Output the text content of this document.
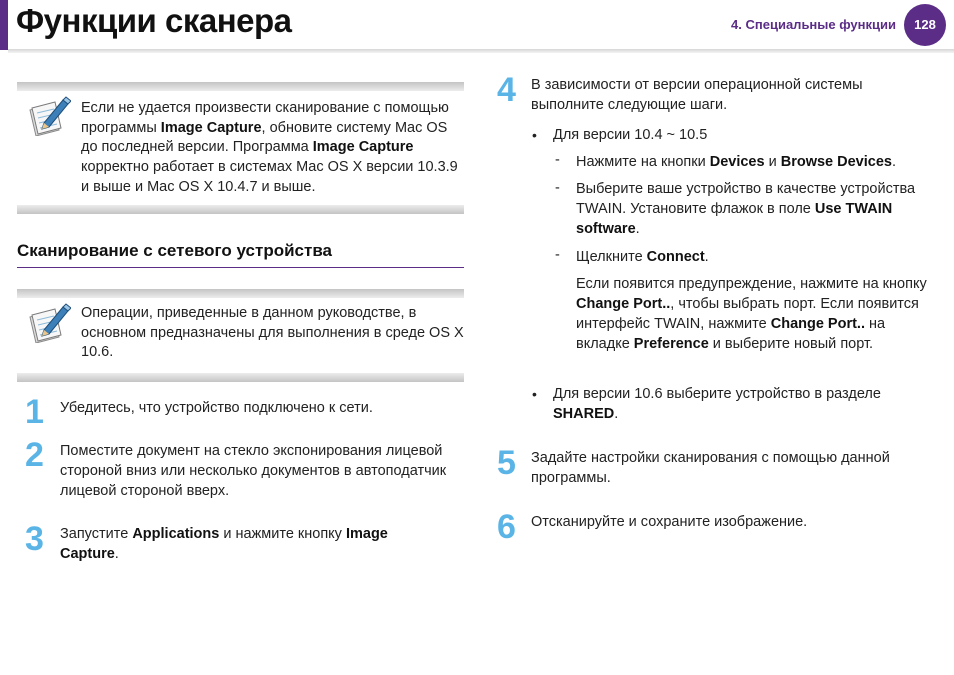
Функции сканера	4. Специальные функции	128
Если не удается произвести сканирование с помощью программы Image Capture, обновите систему Mac OS до последней версии. Программа Image Capture корректно работает в системах Mac OS X версии 10.3.9 и выше и Mac OS X 10.4.7 и выше.
Сканирование с сетевого устройства
Операции, приведенные в данном руководстве, в основном предназначены для выполнения в среде OS X 10.6.
1 Убедитесь, что устройство подключено к сети.
2 Поместите документ на стекло экспонирования лицевой стороной вниз или несколько документов в автоподатчик лицевой стороной вверх.
3 Запустите Applications и нажмите кнопку Image Capture.
4 В зависимости от версии операционной системы выполните следующие шаги.
• Для версии 10.4 ~ 10.5
- Нажмите на кнопки Devices и Browse Devices.
- Выберите ваше устройство в качестве устройства TWAIN. Установите флажок в поле Use TWAIN software.
- Щелкните Connect.
Если появится предупреждение, нажмите на кнопку Change Port.., чтобы выбрать порт. Если появится интерфейс TWAIN, нажмите Change Port.. на вкладке Preference и выберите новый порт.
• Для версии 10.6 выберите устройство в разделе SHARED.
5 Задайте настройки сканирования с помощью данной программы.
6 Отсканируйте и сохраните изображение.
